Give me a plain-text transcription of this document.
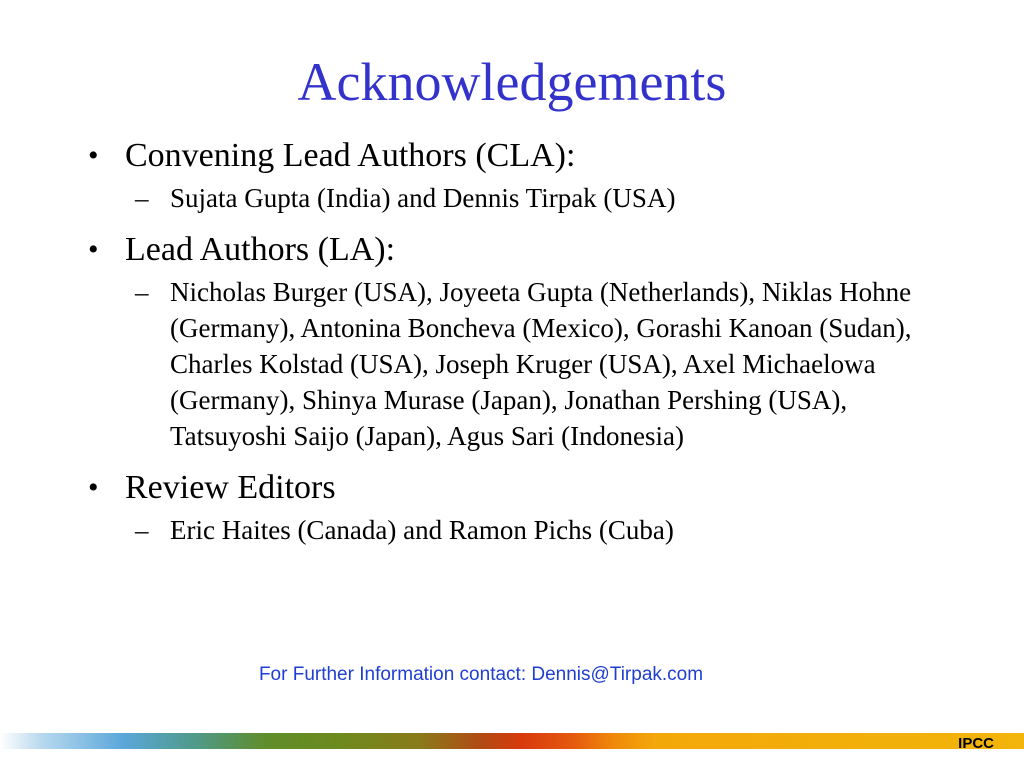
Acknowledgements
• Convening Lead Authors (CLA):
– Sujata Gupta (India) and Dennis Tirpak (USA)
• Lead Authors (LA):
– Nicholas Burger (USA), Joyeeta Gupta (Netherlands), Niklas Hohne (Germany), Antonina Boncheva (Mexico), Gorashi Kanoan (Sudan), Charles Kolstad (USA), Joseph Kruger (USA), Axel Michaelowa (Germany), Shinya Murase (Japan), Jonathan Pershing (USA), Tatsuyoshi Saijo (Japan), Agus Sari (Indonesia)
• Review Editors
– Eric Haites (Canada) and Ramon Pichs (Cuba)
For Further Information contact: Dennis@Tirpak.com
IPCC
